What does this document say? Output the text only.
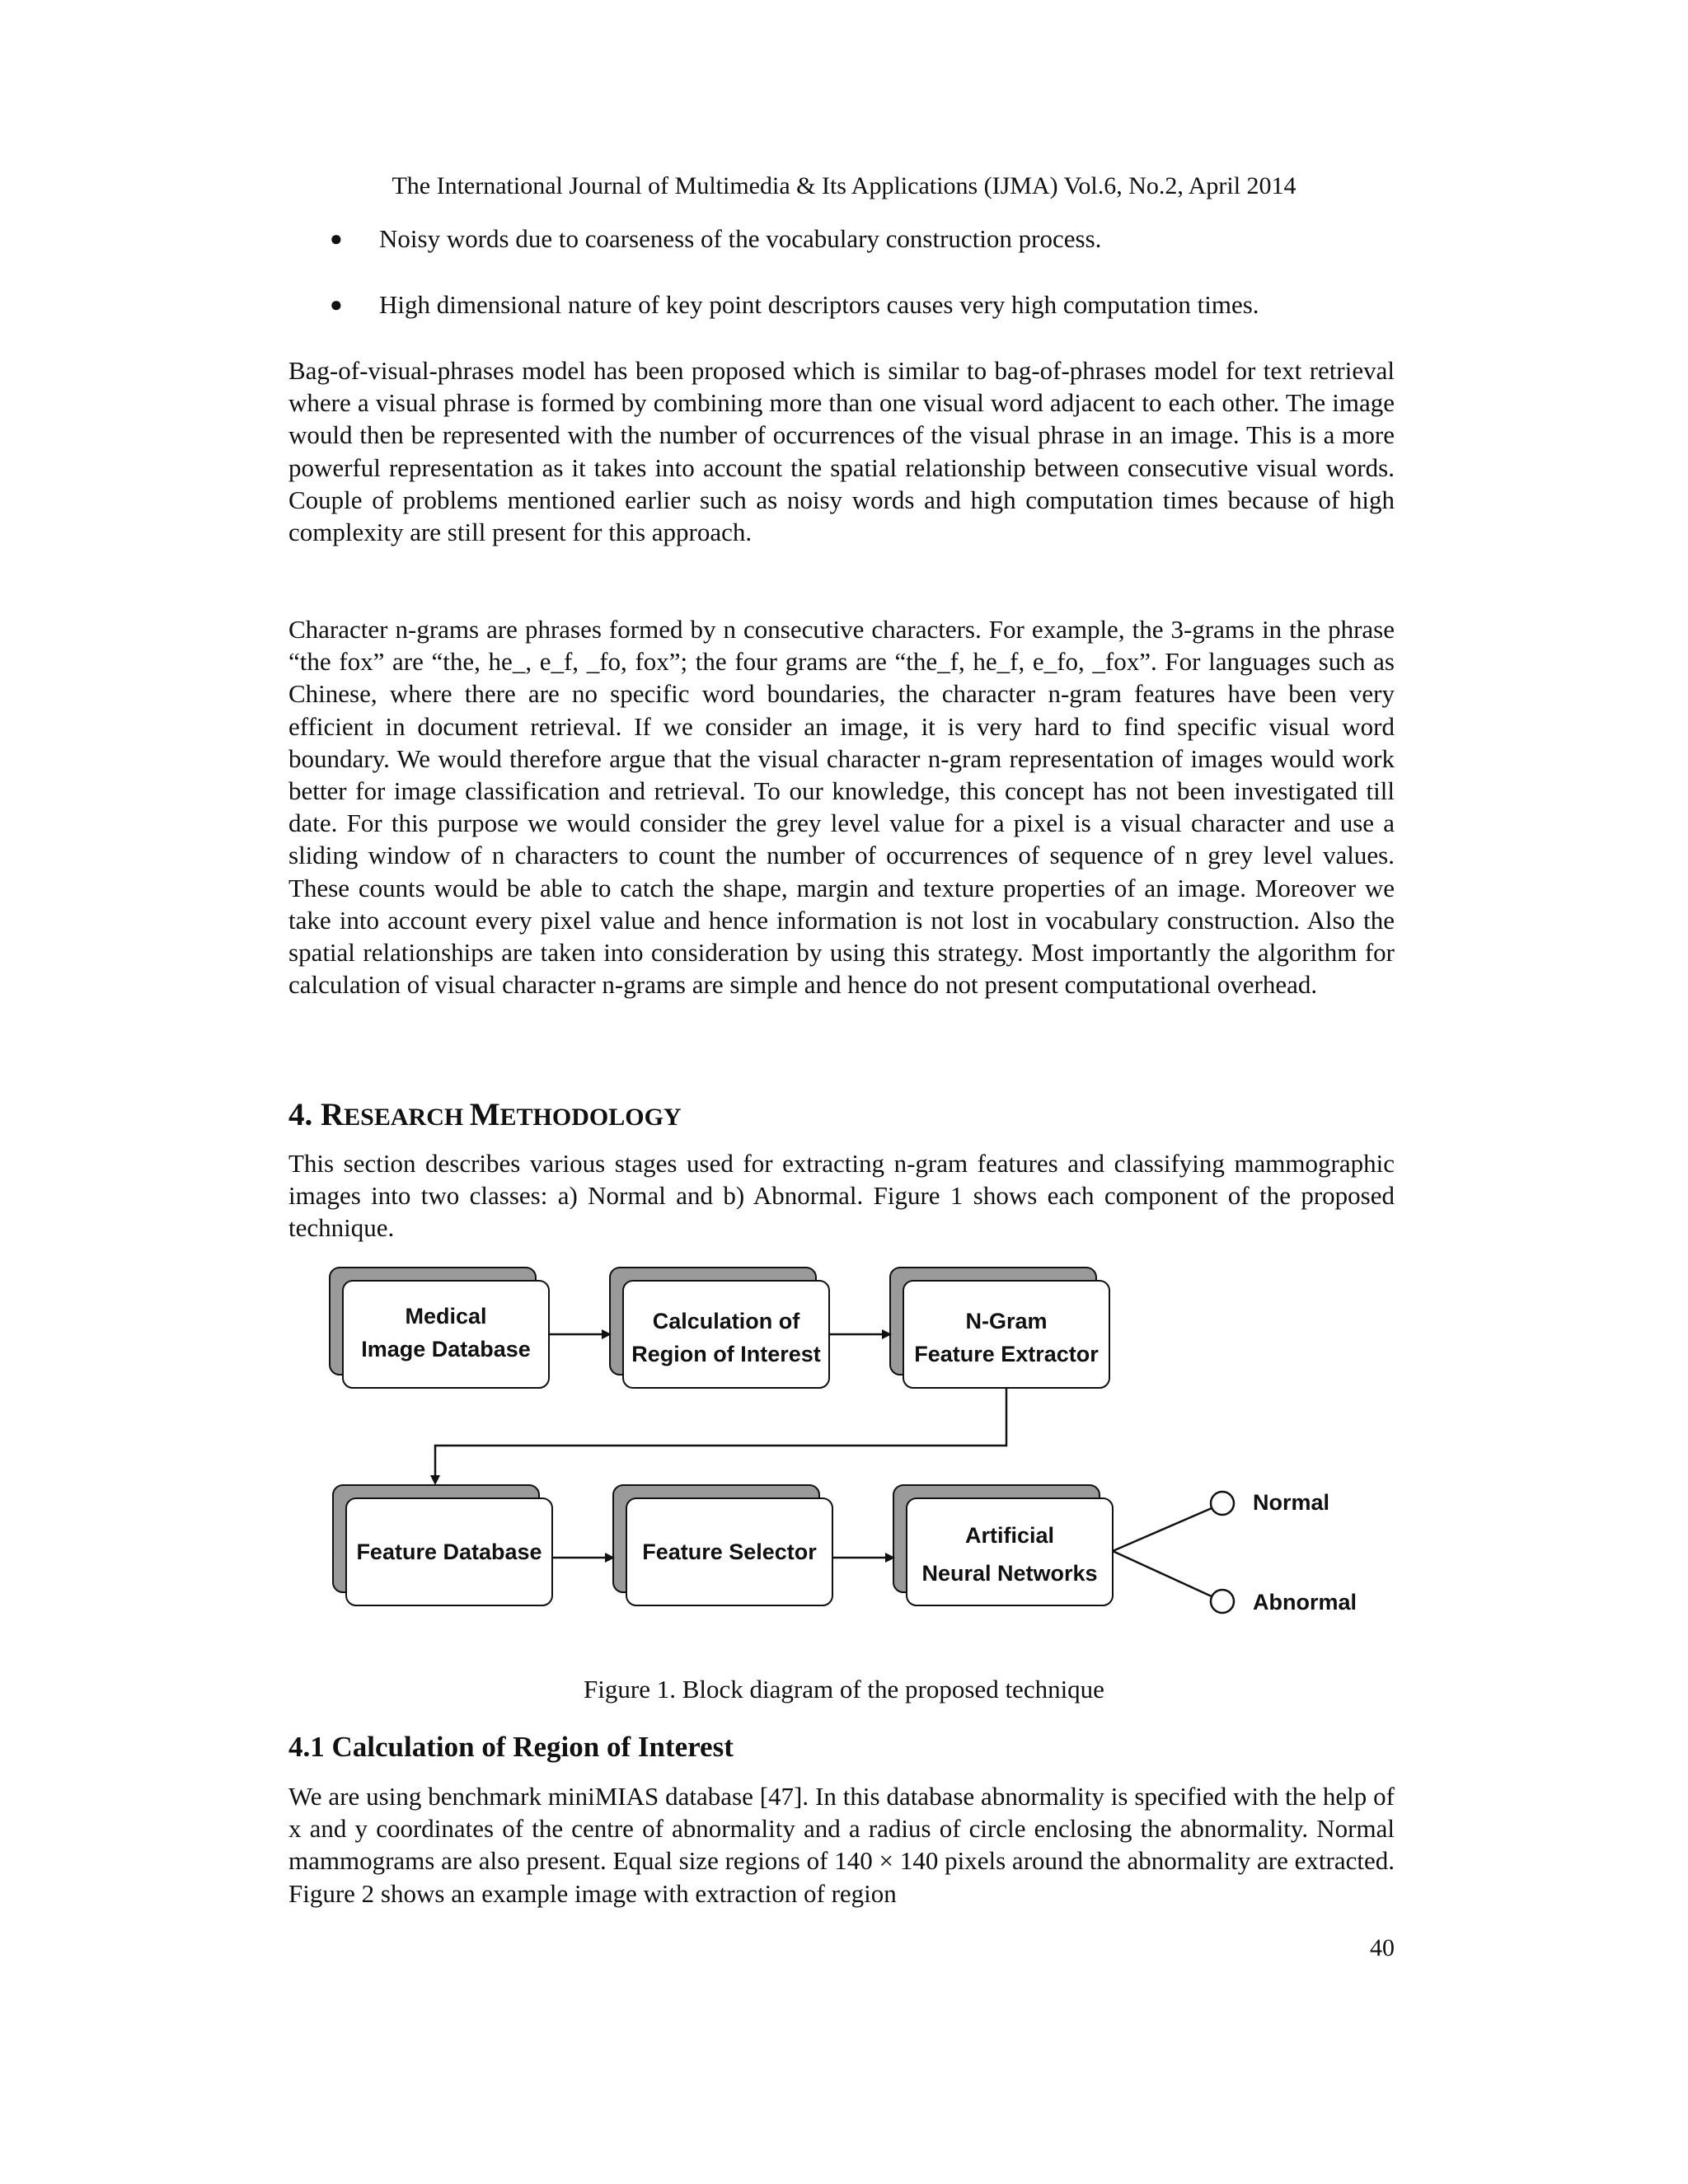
The International Journal of Multimedia & Its Applications (IJMA) Vol.6, No.2, April 2014
●	Noisy words due to coarseness of the vocabulary construction process.
●	High dimensional nature of key point descriptors causes very high computation times.

Bag-of-visual-phrases model has been proposed which is similar to bag-of-phrases model for text retrieval where a visual phrase is formed by combining more than one visual word adjacent to each other. The image would then be represented with the number of occurrences of the visual phrase in an image. This is a more powerful representation as it takes into account the spatial relationship between consecutive visual words. Couple of problems mentioned earlier such as noisy words and high computation times because of high complexity are still present for this approach.

Character n-grams are phrases formed by n consecutive characters. For example, the 3-grams in the phrase “the fox” are “the, he_, e_f, _fo, fox”; the four grams are “the_f, he_f, e_fo, _fox”. For languages such as Chinese, where there are no specific word boundaries, the character n-gram features have been very efficient in document retrieval. If we consider an image, it is very hard to find specific visual word boundary. We would therefore argue that the visual character n-gram representation of images would work better for image classification and retrieval. To our knowledge, this concept has not been investigated till date. For this purpose we would consider the grey level value for a pixel is a visual character and use a sliding window of n characters to count the number of occurrences of sequence of n grey level values. These counts would be able to catch the shape, margin and texture properties of an image. Moreover we take into account every pixel value and hence information is not lost in vocabulary construction. Also the spatial relationships are taken into consideration by using this strategy. Most importantly the algorithm for calculation of visual character n-grams are simple and hence do not present computational overhead.

4. RESEARCH METHODOLOGY

This section describes various stages used for extracting n-gram features and classifying mammographic images into two classes: a) Normal and b) Abnormal. Figure 1 shows each component of the proposed technique.

Medical
Image Database
Calculation of
Region of Interest
N-Gram
Feature Extractor
Feature Database	Feature Selector
Artificial
Neural Networks
Normal
Abnormal
Figure 1. Block diagram of the proposed technique
4.1 Calculation of Region of Interest

We are using benchmark miniMIAS database [47]. In this database abnormality is specified with the help of x and y coordinates of the centre of abnormality and a radius of circle enclosing the abnormality. Normal mammograms are also present. Equal size regions of 140 × 140 pixels around the abnormality are extracted. Figure 2 shows an example image with extraction of region

40
